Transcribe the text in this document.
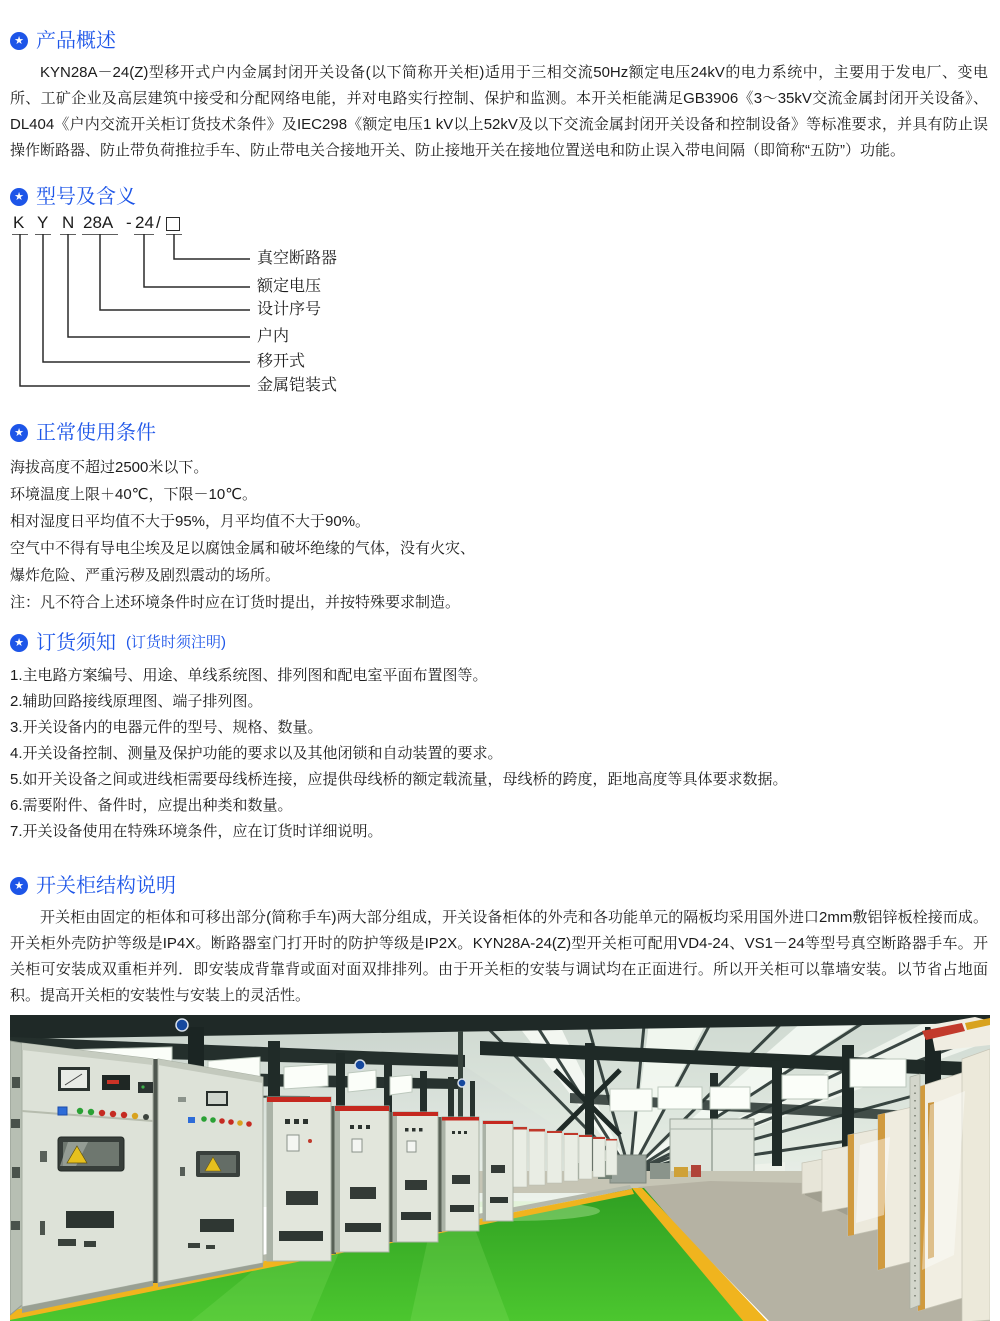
★ 产品概述

KYN28A－24(Z)型移开式户内金属封闭开关设备(以下简称开关柜)适用于三相交流50Hz额定电压24kV的电力系统中，主要用于发电厂、变电所、工矿企业及高层建筑中接受和分配网络电能，并对电路实行控制、保护和监测。本开关柜能满足GB3906《3～35kV交流金属封闭开关设备》、DL404《户内交流开关柜订货技术条件》及IEC298《额定电压1 kV以上52kV及以下交流金属封闭开关设备和控制设备》等标准要求，并具有防止误操作断路器、防止带负荷推拉手车、防止带电关合接地开关、防止接地开关在接地位置送电和防止误入带电间隔（即简称“五防”）功能。

★ 型号及含义
K Y N 28A - 24 /
真空断路器
额定电压
设计序号
户内
移开式
金属铠装式
★ 正常使用条件
海拔高度不超过2500米以下。
环境温度上限＋40℃，下限－10℃。
相对湿度日平均值不大于95%，月平均值不大于90%。
空气中不得有导电尘埃及足以腐蚀金属和破坏绝缘的气体，没有火灾、
爆炸危险、严重污秽及剧烈震动的场所。
注：凡不符合上述环境条件时应在订货时提出，并按特殊要求制造。
★ 订货须知 (订货时须注明)
1.主电路方案编号、用途、单线系统图、排列图和配电室平面布置图等。
2.辅助回路接线原理图、端子排列图。
3.开关设备内的电器元件的型号、规格、数量。
4.开关设备控制、测量及保护功能的要求以及其他闭锁和自动装置的要求。
5.如开关设备之间或进线柜需要母线桥连接，应提供母线桥的额定载流量，母线桥的跨度，距地高度等具体要求数据。
6.需要附件、备件时，应提出种类和数量。
7.开关设备使用在特殊环境条件，应在订货时详细说明。
★ 开关柜结构说明

开关柜由固定的柜体和可移出部分(简称手车)两大部分组成，开关设备柜体的外壳和各功能单元的隔板均采用国外进口2mm敷铝锌板栓接而成。开关柜外壳防护等级是IP4X。断路器室门打开时的防护等级是IP2X。KYN28A-24(Z)型开关柜可配用VD4-24、VS1－24等型号真空断路器手车。开关柜可安装成双重柜并列．即安装成背靠背或面对面双排排列。由于开关柜的安装与调试均在正面进行。所以开关柜可以靠墙安装。以节省占地面积。提高开关柜的安装性与安装上的灵活性。
